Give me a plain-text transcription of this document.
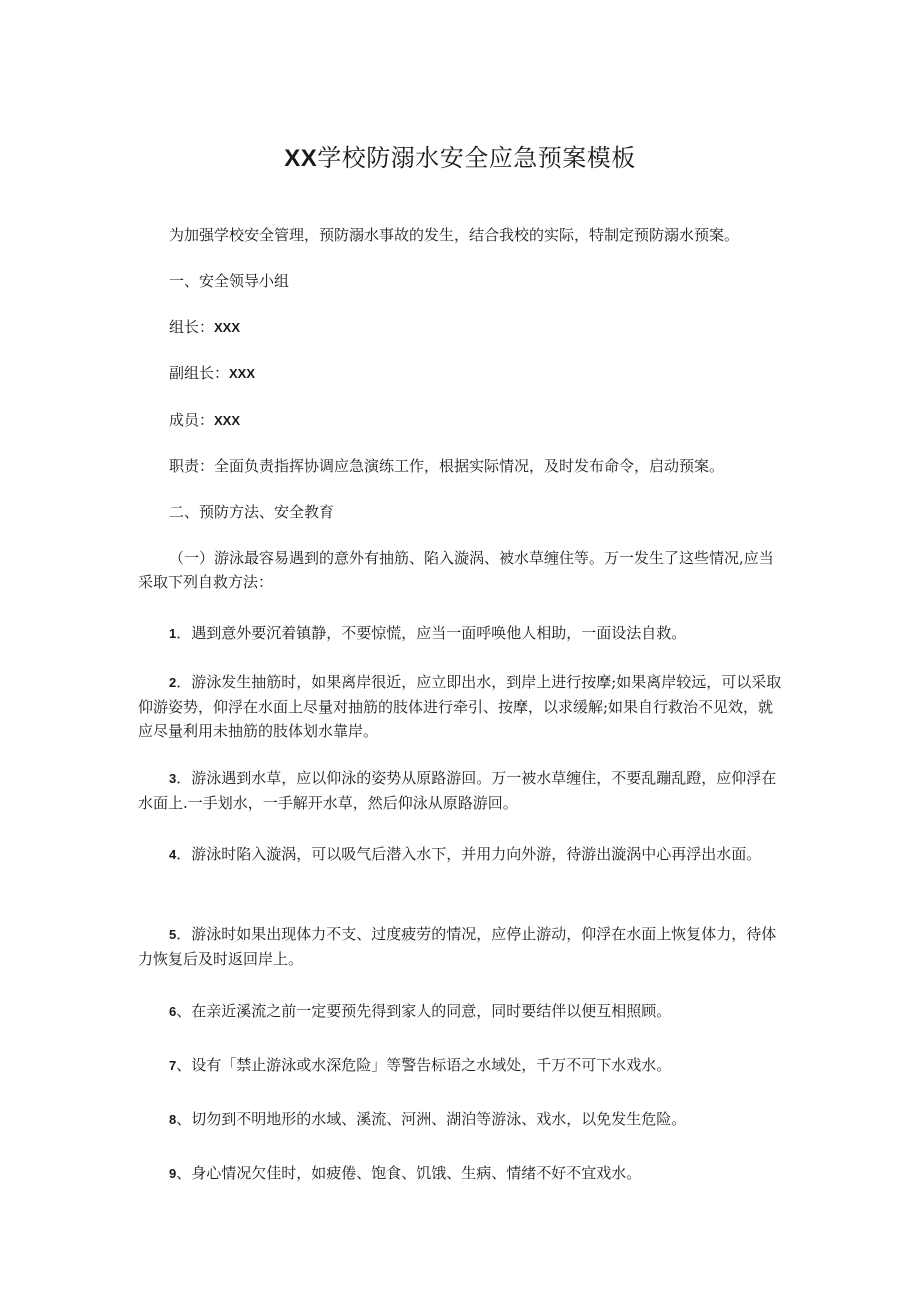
XX学校防溺水安全应急预案模板

为加强学校安全管理，预防溺水事故的发生，结合我校的实际，特制定预防溺水预案。

一、安全领导小组

组长：XXX

副组长：XXX

成员：XXX

职责：全面负责指挥协调应急演练工作，根据实际情况，及时发布命令，启动预案。

二、预防方法、安全教育

（一）游泳最容易遇到的意外有抽筋、陷入漩涡、被水草缠住等。万一发生了这些情况,应当采取下列自救方法：

1．遇到意外要沉着镇静，不要惊慌，应当一面呼唤他人相助，一面设法自救。

2．游泳发生抽筋时，如果离岸很近，应立即出水，到岸上进行按摩;如果离岸较远，可以采取仰游姿势，仰浮在水面上尽量对抽筋的肢体进行牵引、按摩，以求缓解;如果自行救治不见效，就应尽量利用未抽筋的肢体划水靠岸。

3．游泳遇到水草，应以仰泳的姿势从原路游回。万一被水草缠住，不要乱蹦乱蹬，应仰浮在水面上.一手划水，一手解开水草，然后仰泳从原路游回。

4．游泳时陷入漩涡，可以吸气后潜入水下，并用力向外游，待游出漩涡中心再浮出水面。

5．游泳时如果出现体力不支、过度疲劳的情况，应停止游动，仰浮在水面上恢复体力，待体力恢复后及时返回岸上。

6、在亲近溪流之前一定要预先得到家人的同意，同时要结伴以便互相照顾。

7、设有「禁止游泳或水深危险」等警告标语之水域处，千万不可下水戏水。

8、切勿到不明地形的水域、溪流、河洲、湖泊等游泳、戏水，以免发生危险。

9、身心情况欠佳时，如疲倦、饱食、饥饿、生病、情绪不好不宜戏水。
